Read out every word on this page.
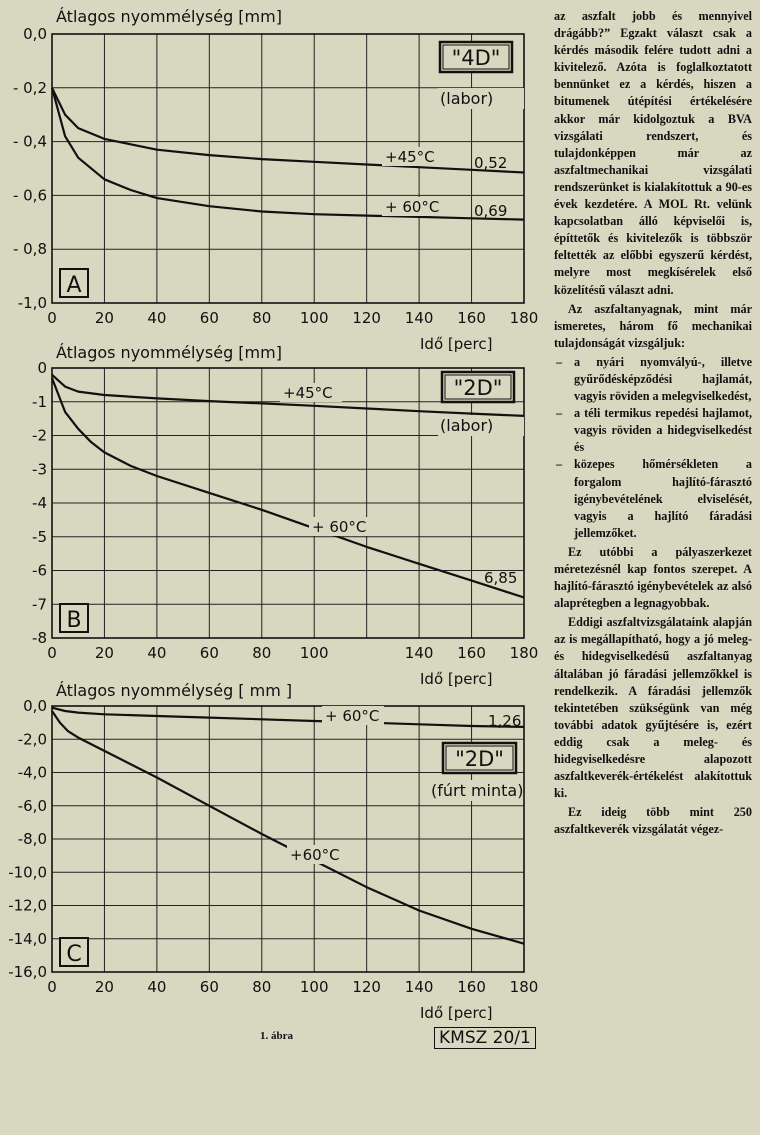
0,0
- 0,2
- 0,4
- 0,6
- 0,8
-1,0
0	20 40 60 80 100 120 140 160 180
Átlagos nyommélység [mm]
Idő [perc]
"4D"
(labor)
+45°C
+ 60°C
0,52
0,69
A
0
-1
-2
-3
-4
-5
-6
-7
-8
0	20 40 60 80 100	140 160 180
Átlagos nyommélység [mm]
Idő [perc]
"2D"
(labor)
+45°C
+ 60°C
6,85
B
0,0
-2,0
-4,0
-6,0
-8,0
-10,0
-12,0
-14,0
-16,0
0	20 40 60 80 100 120 140 160 180
Átlagos nyommélység [ mm ]
Idő [perc]
"2D"
(fúrt minta)
+ 60°C
+60°C
1,26
C
1. ábra	KMSZ 20/1

az aszfalt jobb és mennyivel drágább?” Egzakt választ csak a kérdés második felére tudott adni a kivitelező. Azóta is foglalkoztatott bennünket ez a kérdés, hiszen a bitumenek útépítési értékelésére akkor már kidolgoztuk a BVA vizsgálati rendszert, és tulajdonképpen már az aszfaltmechanikai vizsgálati rendszerünket is kialakítottuk a 90-es évek kezdetére. A MOL Rt. velünk kapcsolatban álló képviselői is, építtetők és kivitelezők is többször feltették az előbbi egyszerű kérdést, melyre most megkísérelek első közelítésű választ adni.

Az aszfaltanyagnak, mint már ismeretes, három fő mechanikai tulajdonságát vizsgáljuk:

– a nyári nyomvályú-, illetve gyűrődésképződési hajlamát, vagyis röviden a melegviselkedést,
– a téli termikus repedési hajlamot, vagyis röviden a hidegviselkedést és
– közepes hőmérsékleten a forgalom hajlító-fárasztó igénybevételének elviselését, vagyis a hajlító fáradási jellemzőket.

Ez utóbbi a pályaszerkezet méretezésnél kap fontos szerepet. A hajlító-fárasztó igénybevételek az alsó alaprétegben a legnagyobbak.

Eddigi aszfaltvizsgálataink alapján az is megállapítható, hogy a jó meleg- és hidegviselkedésű aszfaltanyag általában jó fáradási jellemzőkkel is rendelkezik. A fáradási jellemzők tekintetében szükségünk van még további adatok gyűjtésére is, ezért eddig csak a meleg- és hidegviselkedésre alapozott aszfaltkeverék-értékelést alakítottuk ki.

Ez ideig több mint 250 aszfaltkeverék vizsgálatát végez-
